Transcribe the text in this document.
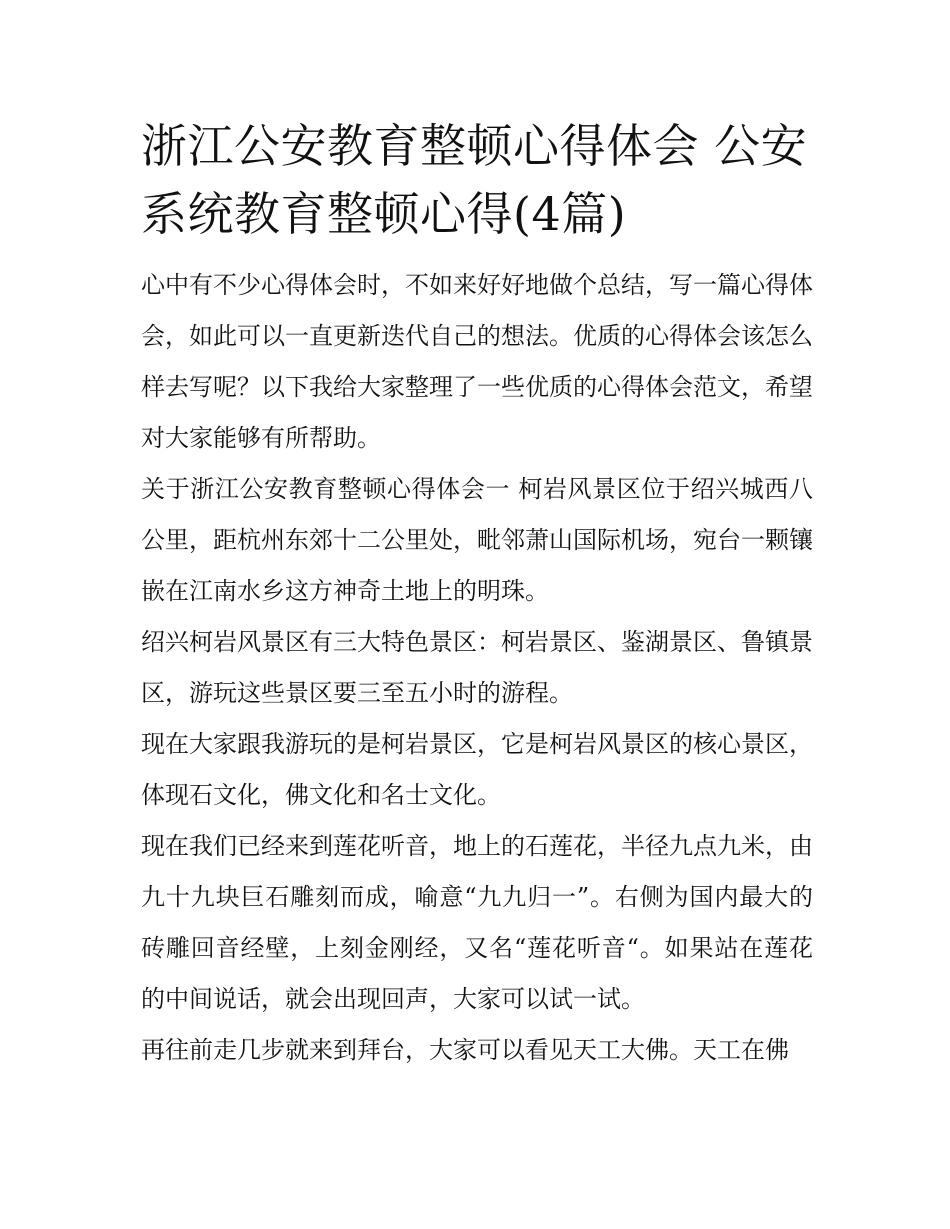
浙江公安教育整顿心得体会 公安系统教育整顿心得(4篇)

心中有不少心得体会时，不如来好好地做个总结，写一篇心得体会，如此可以一直更新迭代自己的想法。优质的心得体会该怎么样去写呢？以下我给大家整理了一些优质的心得体会范文，希望对大家能够有所帮助。

关于浙江公安教育整顿心得体会一 柯岩风景区位于绍兴城西八公里，距杭州东郊十二公里处，毗邻萧山国际机场，宛台一颗镶嵌在江南水乡这方神奇土地上的明珠。

绍兴柯岩风景区有三大特色景区：柯岩景区、鉴湖景区、鲁镇景区，游玩这些景区要三至五小时的游程。

现在大家跟我游玩的是柯岩景区，它是柯岩风景区的核心景区，体现石文化，佛文化和名士文化。

现在我们已经来到莲花听音，地上的石莲花，半径九点九米，由九十九块巨石雕刻而成，喻意“九九归一”。右侧为国内最大的砖雕回音经壁，上刻金刚经，又名“莲花听音“。如果站在莲花的中间说话，就会出现回声，大家可以试一试。

再往前走几步就来到拜台，大家可以看见天工大佛。天工在佛
